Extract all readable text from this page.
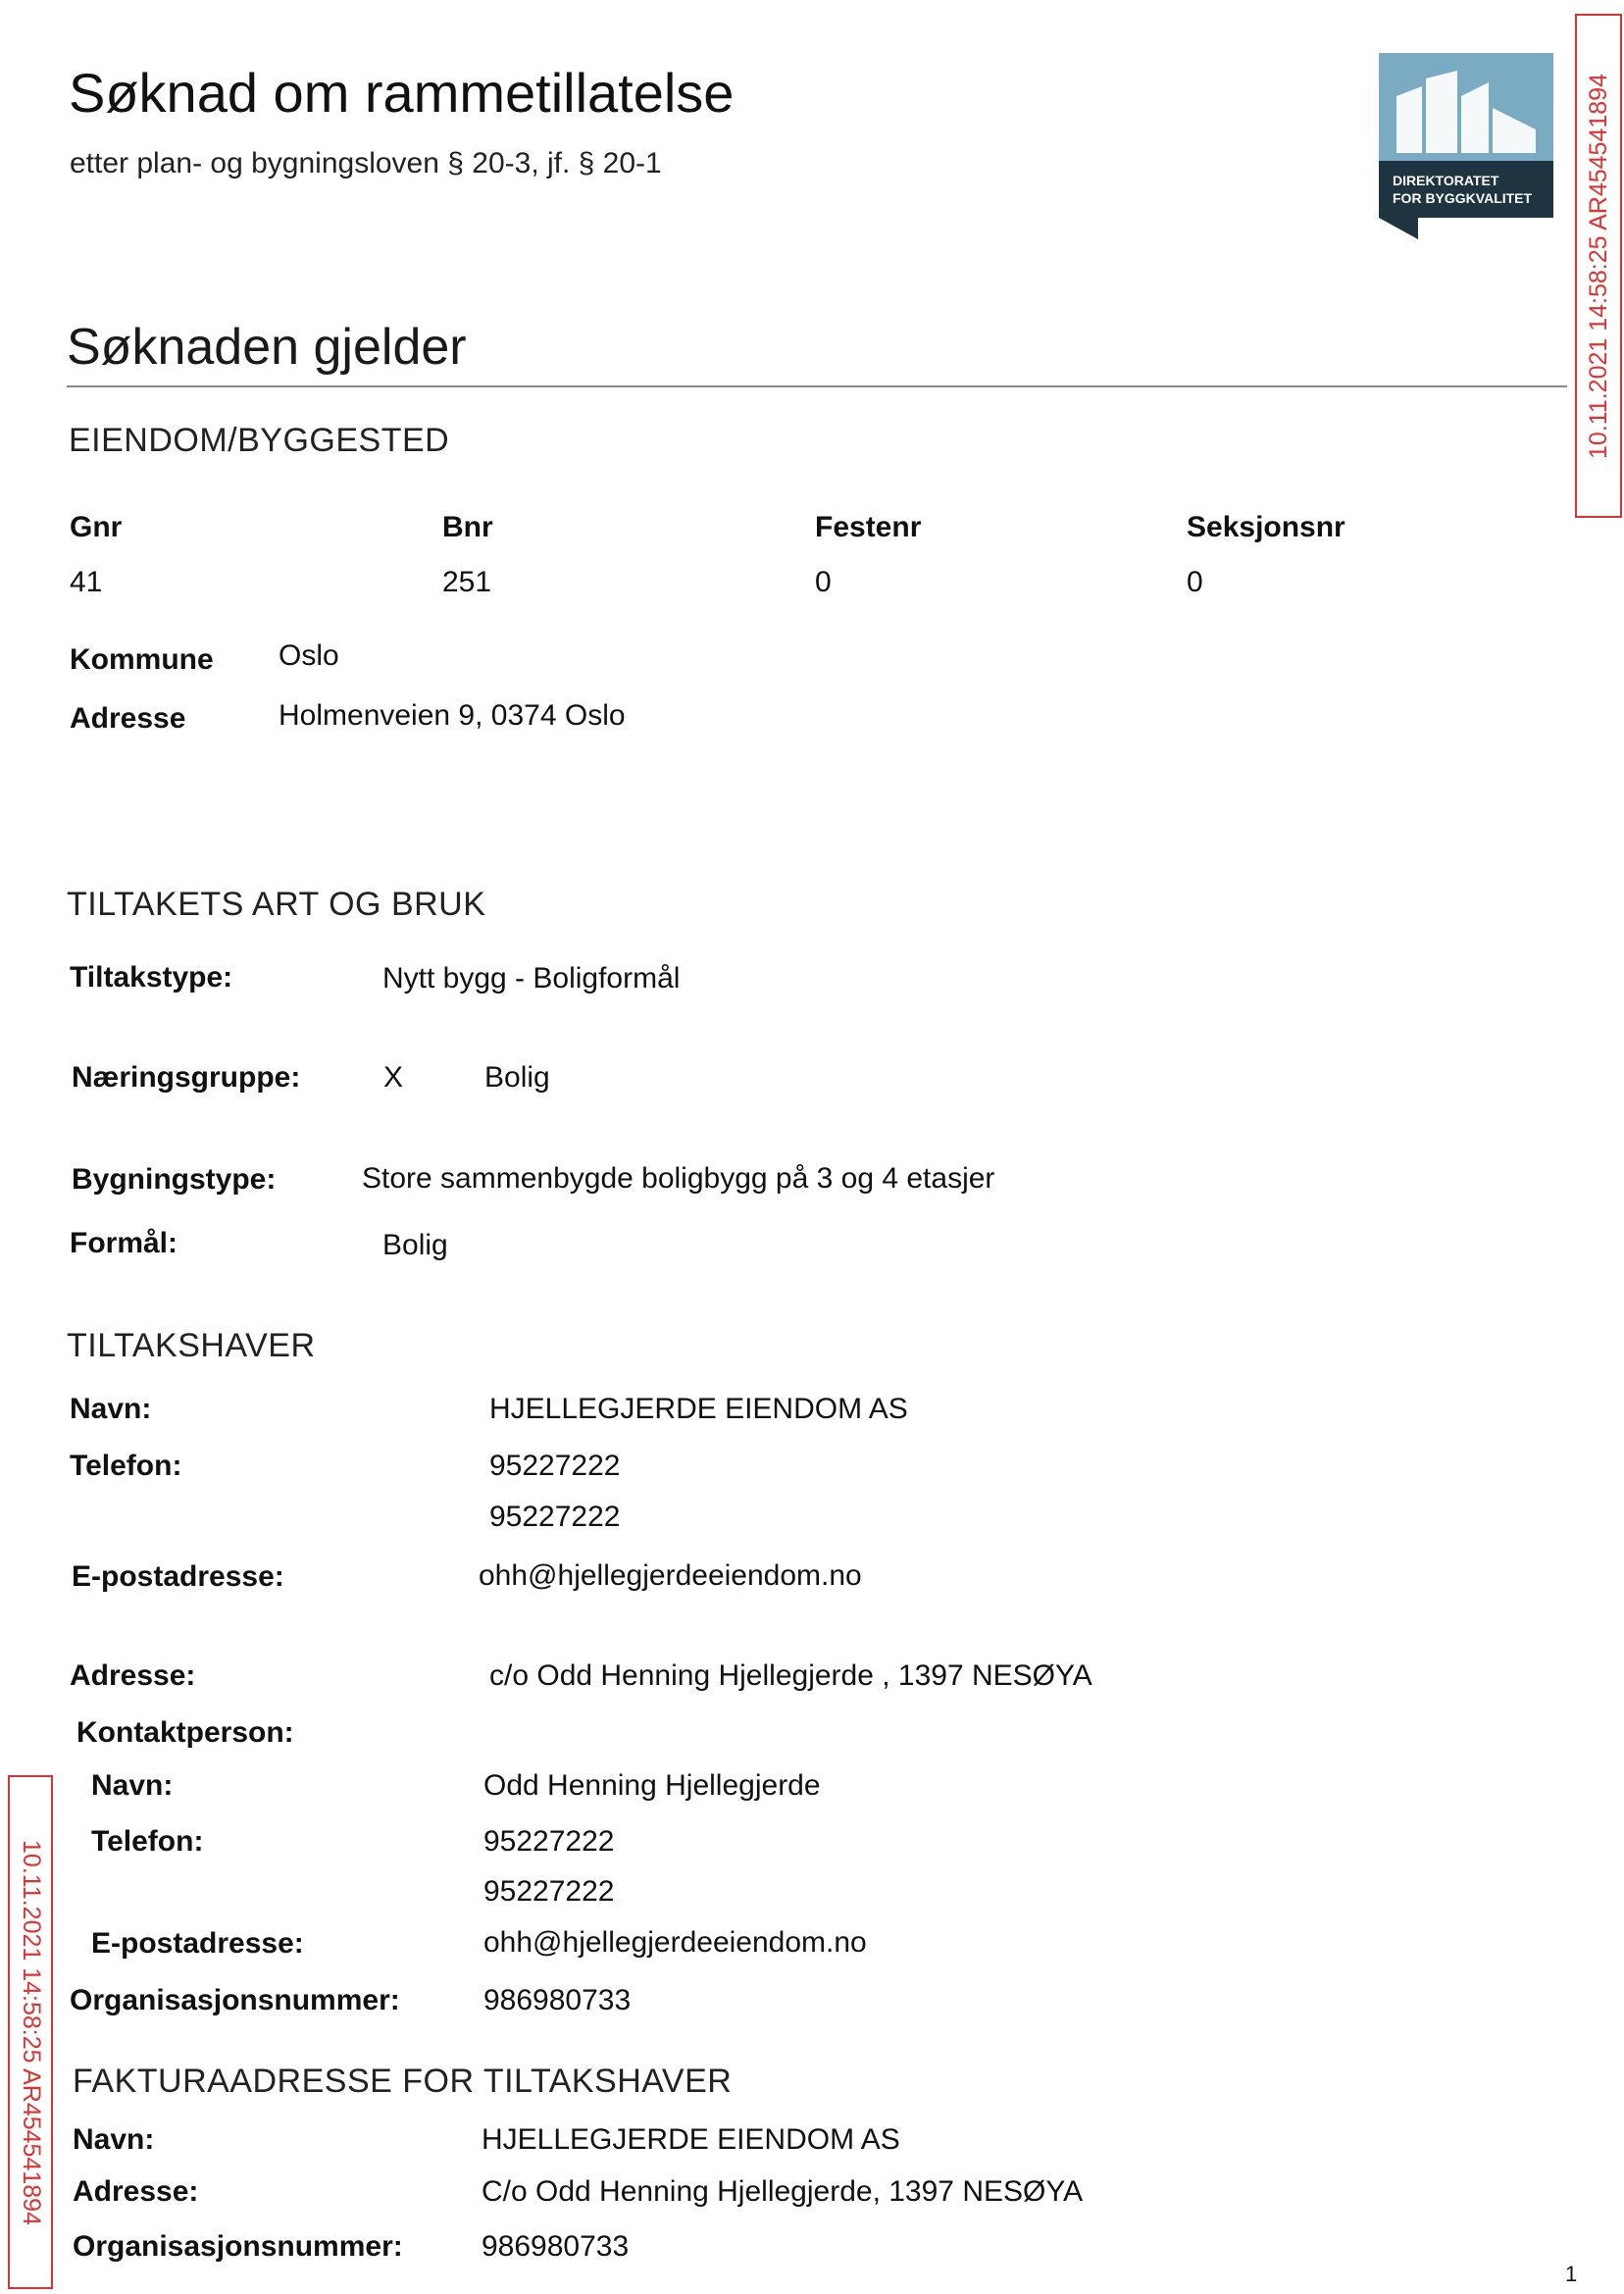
Søknad om rammetillatelse
etter plan- og bygningsloven § 20-3, jf. § 20-1
DIREKTORATET
FOR BYGGKVALITET 10.11.2021 14:58:25 AR454541894
10.11.2021 14:58:25 AR454541894
Søknaden gjelder
EIENDOM/BYGGESTED
Gnr	Bnr	Festenr	Seksjonsnr
41	251	0	0
Kommune Oslo
Adresse	Holmenveien 9, 0374 Oslo
TILTAKETS ART OG BRUK
Tiltakstype:	Nytt bygg - Boligformål
Næringsgruppe:	X	Bolig
Bygningstype:	Store sammenbygde boligbygg på 3 og 4 etasjer
Formål:	Bolig
TILTAKSHAVER
Navn:	HJELLEGJERDE EIENDOM AS
Telefon:	95227222
95227222
E-postadresse:	ohh@hjellegjerdeeiendom.no
Adresse:	c/o Odd Henning Hjellegjerde , 1397 NESØYA
Kontaktperson:
Navn:	Odd Henning Hjellegjerde
Telefon:	95227222
95227222
E-postadresse:	ohh@hjellegjerdeeiendom.no
Organisasjonsnummer:	986980733
FAKTURAADRESSE FOR TILTAKSHAVER
Navn:	HJELLEGJERDE EIENDOM AS
Adresse:	C/o Odd Henning Hjellegjerde, 1397 NESØYA
Organisasjonsnummer:	986980733
1
